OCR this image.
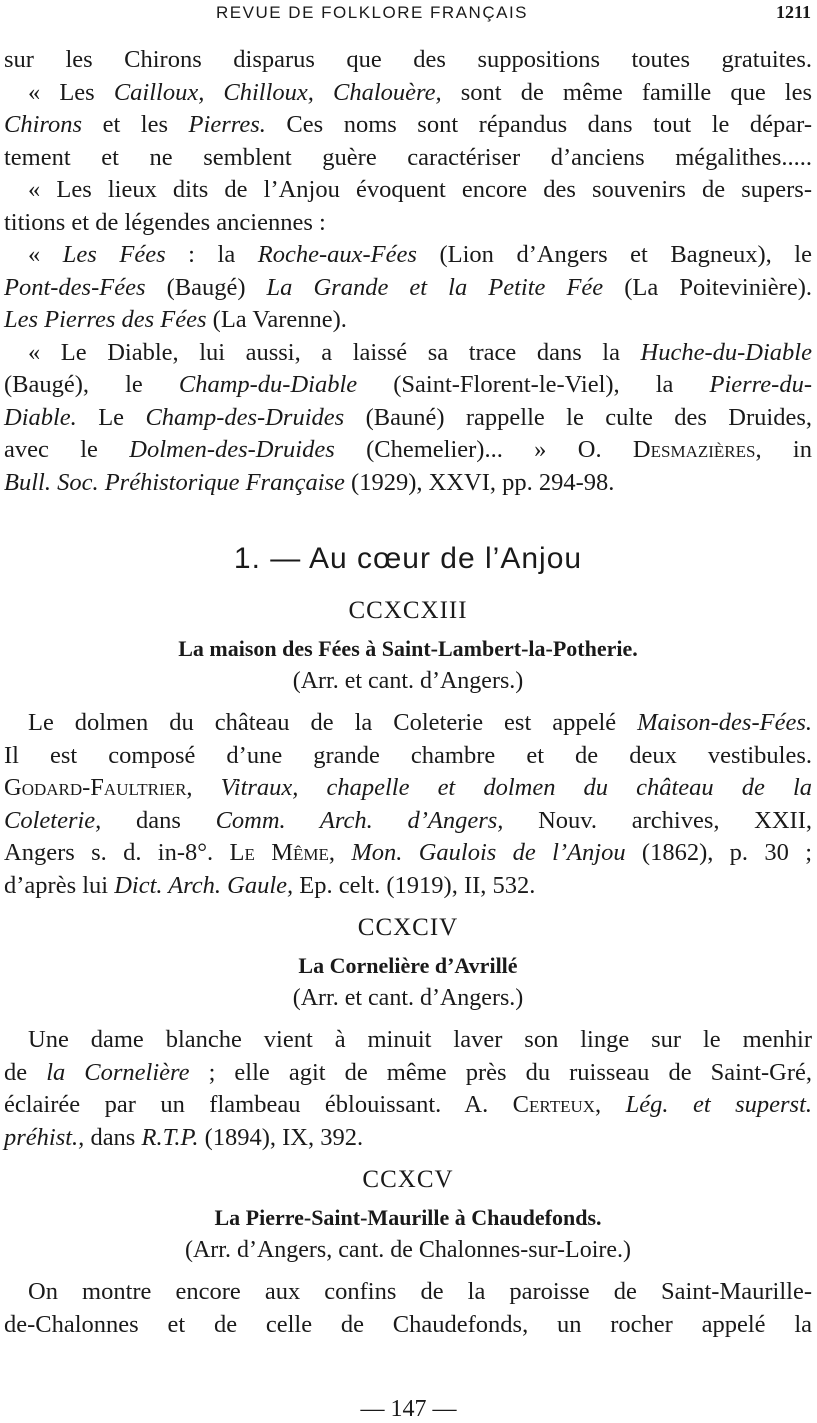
REVUE DE FOLKLORE FRANÇAIS	1211

sur les Chirons disparus que des suppositions toutes gratuites.

« Les Cailloux, Chilloux, Chalouère, sont de même famille que les

Chirons et les Pierres. Ces noms sont répandus dans tout le dépar-

tement et ne semblent guère caractériser d’anciens mégalithes.....

« Les lieux dits de l’Anjou évoquent encore des souvenirs de supers-

titions et de légendes anciennes :

« Les Fées : la Roche-aux-Fées (Lion d’Angers et Bagneux), le

Pont-des-Fées (Baugé) La Grande et la Petite Fée (La Poitevinière).

Les Pierres des Fées (La Varenne).

« Le Diable, lui aussi, a laissé sa trace dans la Huche-du-Diable

(Baugé), le Champ-du-Diable (Saint-Florent-le-Viel), la Pierre-du-

Diable. Le Champ-des-Druides (Bauné) rappelle le culte des Druides,

avec le Dolmen-des-Druides (Chemelier)... » O. Desmazières, in

Bull. Soc. Préhistorique Française (1929), XXVI, pp. 294-98.

1. — Au cœur de l’Anjou
CCXCXIII
La maison des Fées à Saint-Lambert-la-Potherie.
(Arr. et cant. d’Angers.)

Le dolmen du château de la Coleterie est appelé Maison-des-Fées.

Il est composé d’une grande chambre et de deux vestibules.

Godard-Faultrier, Vitraux, chapelle et dolmen du château de la

Coleterie, dans Comm. Arch. d’Angers, Nouv. archives, XXII,

Angers s. d. in-8°. Le Même, Mon. Gaulois de l’Anjou (1862), p. 30 ;

d’après lui Dict. Arch. Gaule, Ep. celt. (1919), II, 532.

CCXCIV
La Cornelière d’Avrillé
(Arr. et cant. d’Angers.)

Une dame blanche vient à minuit laver son linge sur le menhir

de la Cornelière ; elle agit de même près du ruisseau de Saint-Gré,

éclairée par un flambeau éblouissant. A. Certeux, Lég. et superst.

préhist., dans R.T.P. (1894), IX, 392.

CCXCV
La Pierre-Saint-Maurille à Chaudefonds.
(Arr. d’Angers, cant. de Chalonnes-sur-Loire.)

On montre encore aux confins de la paroisse de Saint-Maurille-

de-Chalonnes et de celle de Chaudefonds, un rocher appelé la

— 147 —
